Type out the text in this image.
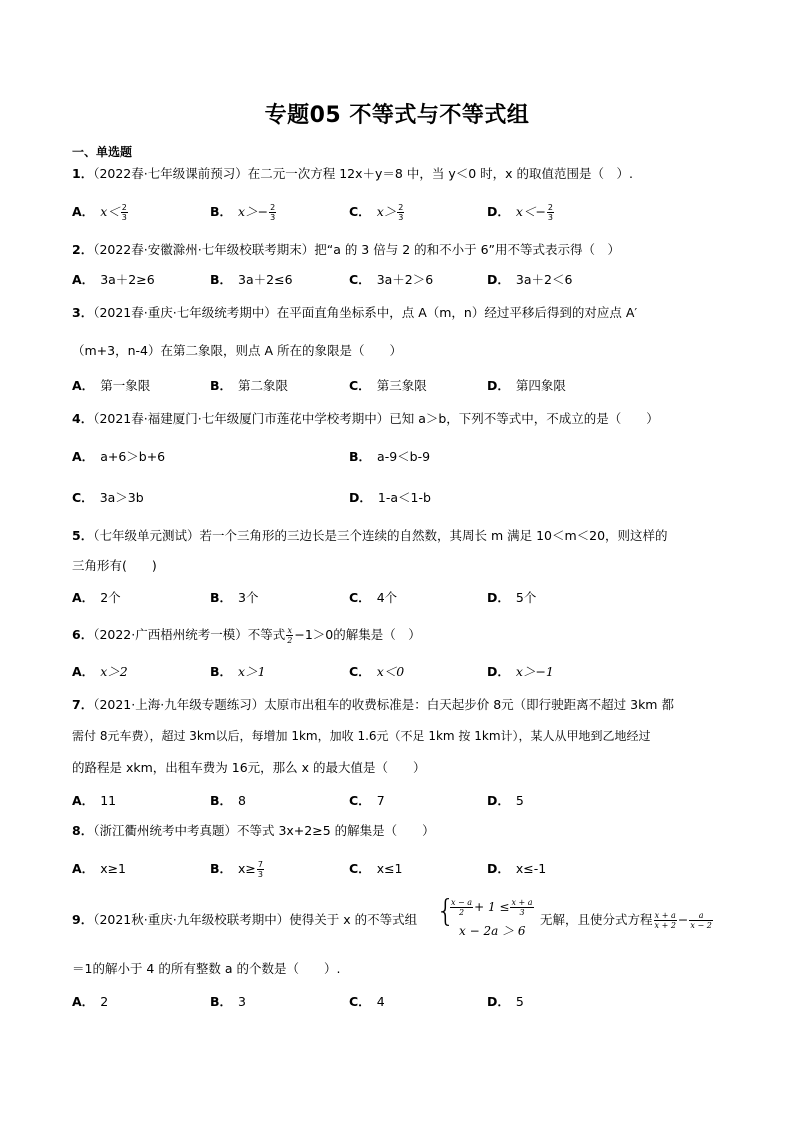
专题05 不等式与不等式组
一、单选题
1．（2022春·七年级课前预习）在二元一次方程 12x＋y＝8 中，当 y＜0 时，x 的取值范围是（　）.
A． $x< \frac{2}{3}$	B． $x>- \frac{2}{3}$	C． $x> \frac{2}{3}$	D． $x<- \frac{2}{3}$
2．（2022春·安徽滁州·七年级校联考期末）把“a 的 3 倍与 2 的和不小于 6”用不等式表示得（　）
A． 3a＋2≥6	B． 3a＋2≤6	C． 3a＋2＞6	D． 3a＋2＜6
3．（2021春·重庆·七年级统考期中）在平面直角坐标系中，点 A（m，n）经过平移后得到的对应点 A′
（m+3，n-4）在第二象限，则点 A 所在的象限是（　　）
A． 第一象限	B． 第二象限	C． 第三象限	D． 第四象限
4．（2021春·福建厦门·七年级厦门市莲花中学校考期中）已知 a＞b，下列不等式中，不成立的是（　　）
A． a+6＞b+6	B． a-9＜b-9
C． 3a＞3b	D． 1-a＜1-b
5．（七年级单元测试）若一个三角形的三边长是三个连续的自然数，其周长 m 满足 10＜m＜20，则这样的
三角形有(　　)
A． 2个	B． 3个	C． 4个	D． 5个
6．（2022·广西梧州统考一模）不等式 $\frac{x}{2} -1>0$的解集是（　）
A． x＞2	B． x＞1	C． x＜0	D． x＞−1
7．（2021·上海·九年级专题练习）太原市出租车的收费标准是：白天起步价 8元（即行驶距离不超过 3km 都
需付 8元车费），超过 3km以后，每增加 1km，加收 1.6元（不足 1km 按 1km计），某人从甲地到乙地经过
的路程是 xkm，出租车费为 16元，那么 x 的最大值是（　　）
A． 11	B． 8	C． 7	D． 5
8．（浙江衢州统考中考真题）不等式 3x+2≥5 的解集是（　　）
A． x≥1	B． $x\ge \frac{7}{3}$	C． x≤1	D． x≤-1
9．（2021秋·重庆·九年级校联考期中）使得关于 x 的不等式组 {
$\frac{x - a}{2} + 1 \le \frac{x + a}{3}$
x − 2a ＞ 6
无解，且使分式方程 $\frac{x + a}{x + 2} - \frac{a}{x - 2}$
＝1的解小于 4 的所有整数 a 的个数是（　　）.
A． 2	B． 3	C． 4	D． 5
